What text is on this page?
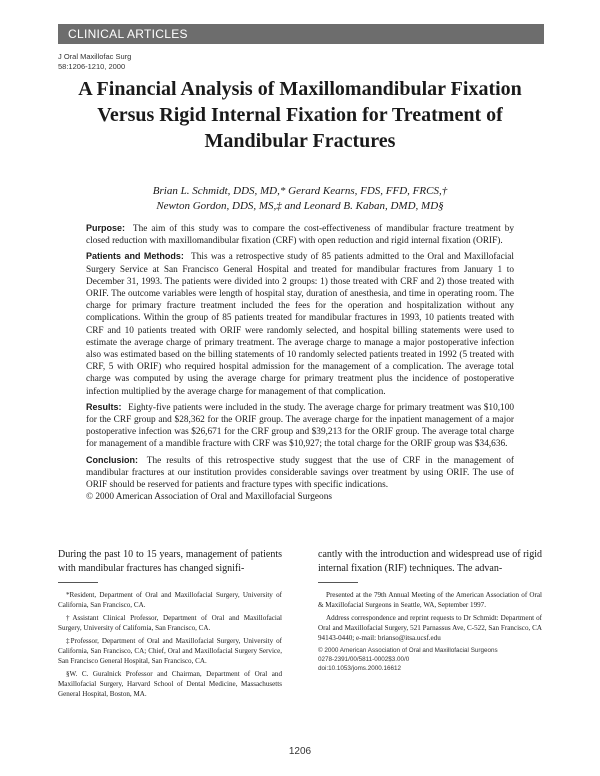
CLINICAL ARTICLES
J Oral Maxillofac Surg
58:1206-1210, 2000
A Financial Analysis of Maxillomandibular Fixation Versus Rigid Internal Fixation for Treatment of Mandibular Fractures
Brian L. Schmidt, DDS, MD,* Gerard Kearns, FDS, FFD, FRCS,†
Newton Gordon, DDS, MS,‡ and Leonard B. Kaban, DMD, MD§

Purpose: The aim of this study was to compare the cost-effectiveness of mandibular fracture treatment by closed reduction with maxillomandibular fixation (CRF) with open reduction and rigid internal fixation (ORIF).

Patients and Methods: This was a retrospective study of 85 patients admitted to the Oral and Maxillofacial Surgery Service at San Francisco General Hospital and treated for mandibular fractures from January 1 to December 31, 1993. The patients were divided into 2 groups: 1) those treated with CRF and 2) those treated with ORIF. The outcome variables were length of hospital stay, duration of anesthesia, and time in operating room. The charge for primary fracture treatment included the fees for the operation and hospitalization without any complications. Within the group of 85 patients treated for mandibular fractures in 1993, 10 patients treated with CRF and 10 patients treated with ORIF were randomly selected, and hospital billing statements were used to estimate the average charge of primary treatment. The average charge to manage a major postoperative infection also was estimated based on the billing statements of 10 randomly selected patients treated in 1992 (5 treated with CRF, 5 with ORIF) who required hospital admission for the management of a complication. The average total charge was computed by using the average charge for primary treatment plus the incidence of postoperative infection multiplied by the average charge for management of that complication.

Results: Eighty-five patients were included in the study. The average charge for primary treatment was $10,100 for the CRF group and $28,362 for the ORIF group. The average charge for the inpatient management of a major postoperative infection was $26,671 for the CRF group and $39,213 for the ORIF group. The average total charge for management of a mandible fracture with CRF was $10,927; the total charge for the ORIF group was $34,636.

Conclusion: The results of this retrospective study suggest that the use of CRF in the management of mandibular fractures at our institution provides considerable savings over treatment by using ORIF. The use of ORIF should be reserved for patients and fracture types with specific indications.

© 2000 American Association of Oral and Maxillofacial Surgeons

During the past 10 to 15 years, management of patients with mandibular fractures has changed signifi-
cantly with the introduction and widespread use of rigid internal fixation (RIF) techniques. The advan-

*Resident, Department of Oral and Maxillofacial Surgery, University of California, San Francisco, CA.

†Assistant Clinical Professor, Department of Oral and Maxillofacial Surgery, University of California, San Francisco, CA.

‡Professor, Department of Oral and Maxillofacial Surgery, University of California, San Francisco, CA; Chief, Oral and Maxillofacial Surgery Service, San Francisco General Hospital, San Francisco, CA.

§W. C. Guralnick Professor and Chairman, Department of Oral and Maxillofacial Surgery, Harvard School of Dental Medicine, Massachusetts General Hospital, Boston, MA.

Presented at the 79th Annual Meeting of the American Association of Oral & Maxillofacial Surgeons in Seattle, WA, September 1997.

Address correspondence and reprint requests to Dr Schmidt: Department of Oral and Maxillofacial Surgery, 521 Parnassus Ave, C-522, San Francisco, CA 94143-0440; e-mail: brianso@itsa.ucsf.edu

© 2000 American Association of Oral and Maxillofacial Surgeons

0278-2391/00/5811-0002$3.00/0

doi:10.1053/joms.2000.16612

1206
